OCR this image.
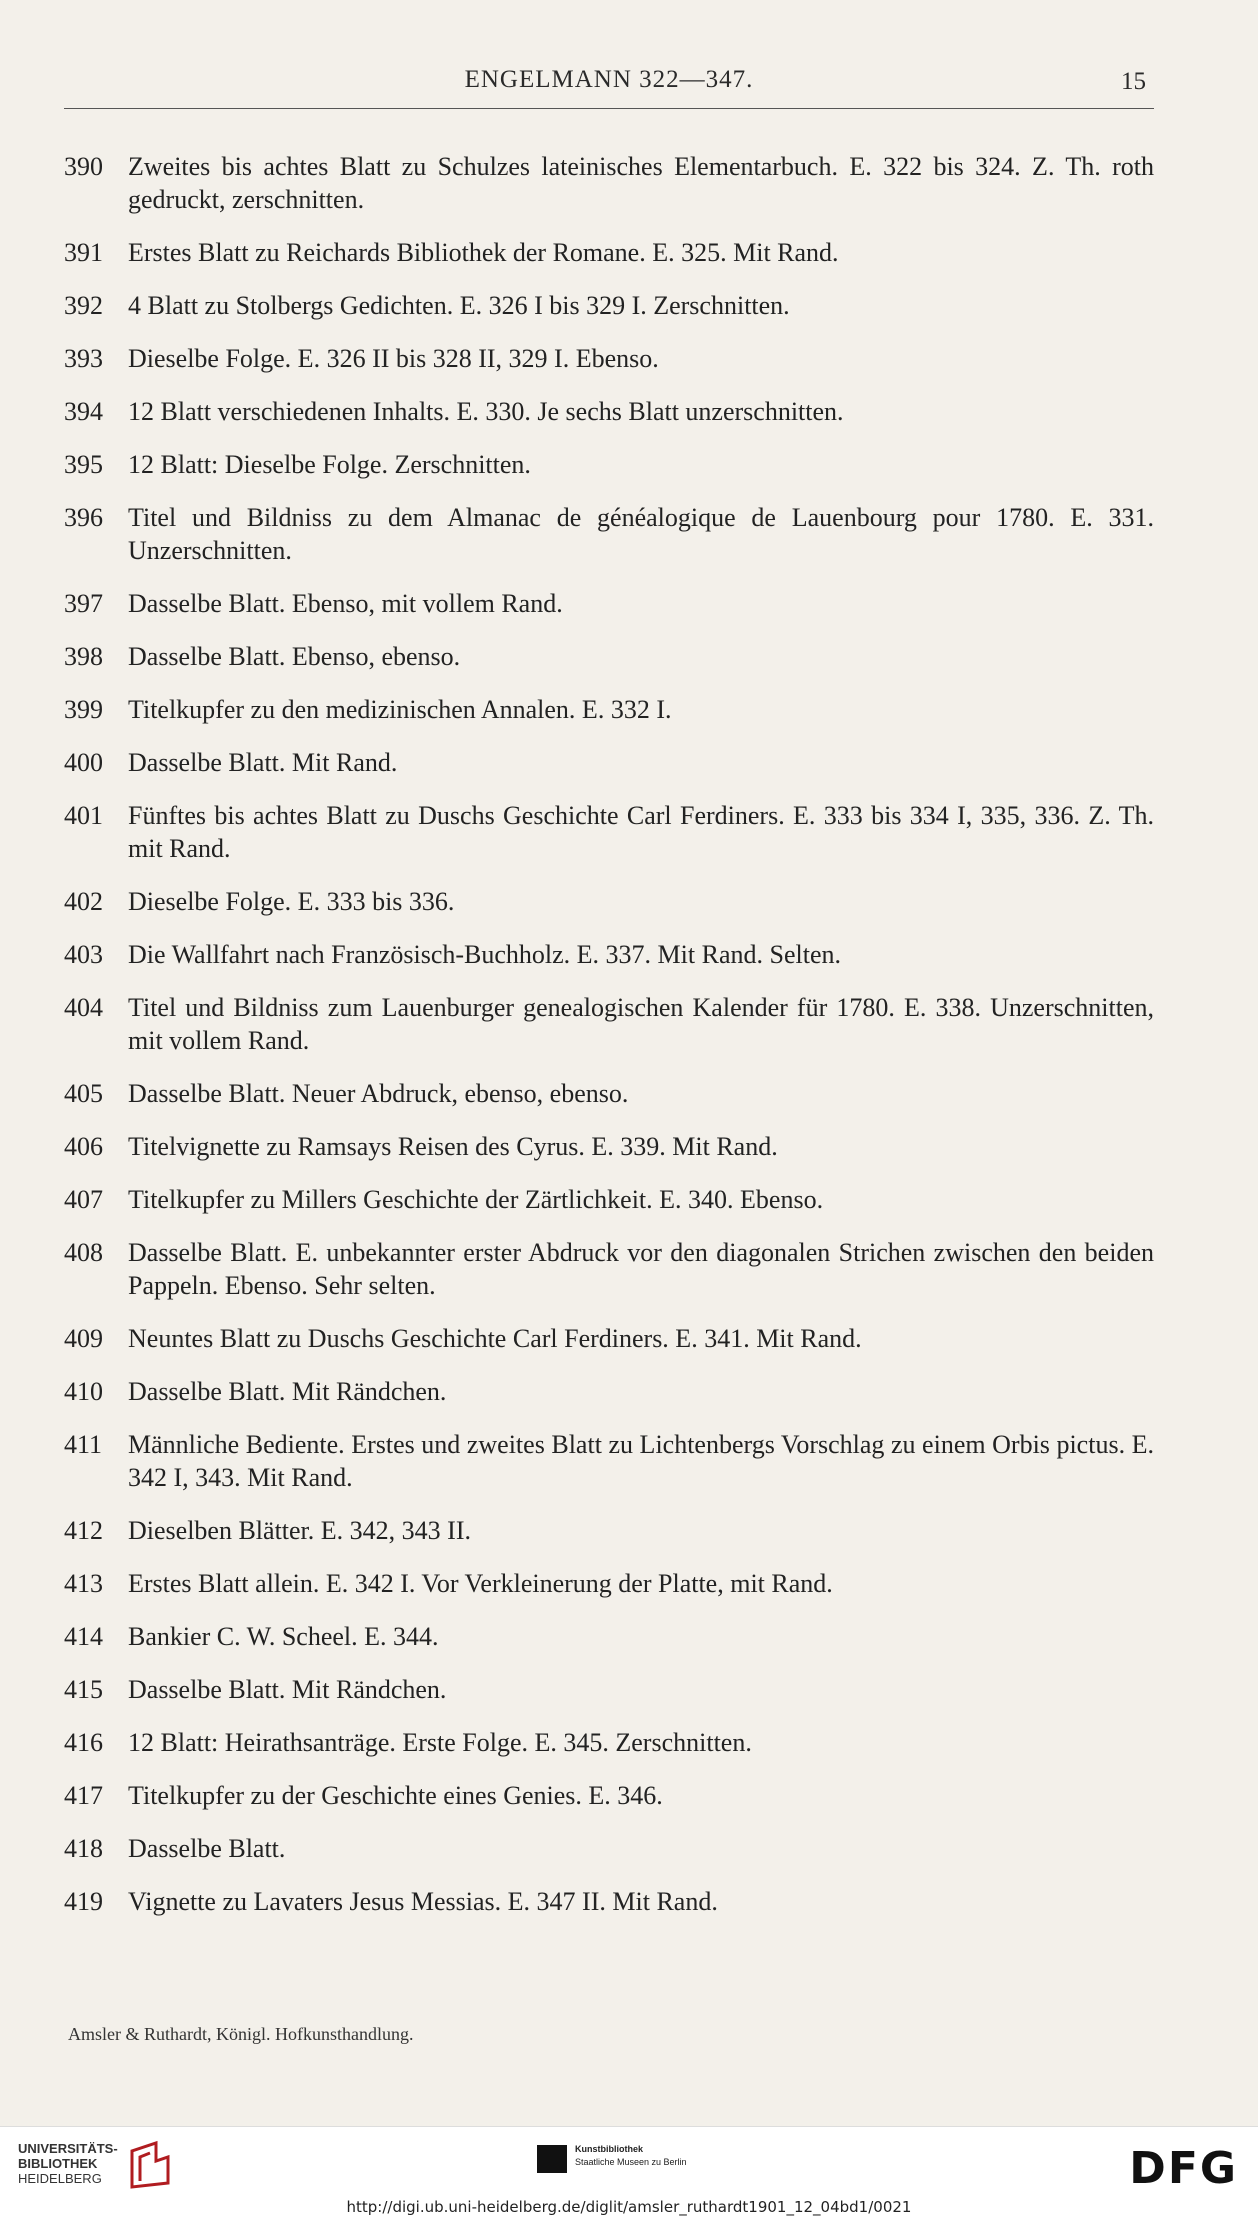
ENGELMANN 322—347.	15
390 Zweites bis achtes Blatt zu Schulzes lateinisches Elementarbuch. E. 322 bis 324. Z. Th. roth gedruckt, zerschnitten.
391 Erstes Blatt zu Reichards Bibliothek der Romane. E. 325. Mit Rand.
392 4 Blatt zu Stolbergs Gedichten. E. 326 I bis 329 I. Zerschnitten.
393 Dieselbe Folge. E. 326 II bis 328 II, 329 I. Ebenso.
394 12 Blatt verschiedenen Inhalts. E. 330. Je sechs Blatt unzerschnitten.
395 12 Blatt: Dieselbe Folge. Zerschnitten.
396 Titel und Bildniss zu dem Almanac de généalogique de Lauenbourg pour 1780. E. 331. Unzerschnitten.
397 Dasselbe Blatt. Ebenso, mit vollem Rand.
398 Dasselbe Blatt. Ebenso, ebenso.
399 Titelkupfer zu den medizinischen Annalen. E. 332 I.
400 Dasselbe Blatt. Mit Rand.
401 Fünftes bis achtes Blatt zu Duschs Geschichte Carl Ferdiners. E. 333 bis 334 I, 335, 336. Z. Th. mit Rand.
402 Dieselbe Folge. E. 333 bis 336.
403 Die Wallfahrt nach Französisch-Buchholz. E. 337. Mit Rand. Selten.
404 Titel und Bildniss zum Lauenburger genealogischen Kalender für 1780. E. 338. Unzerschnitten, mit vollem Rand.
405 Dasselbe Blatt. Neuer Abdruck, ebenso, ebenso.
406 Titelvignette zu Ramsays Reisen des Cyrus. E. 339. Mit Rand.
407 Titelkupfer zu Millers Geschichte der Zärtlichkeit. E. 340. Ebenso.
408 Dasselbe Blatt. E. unbekannter erster Abdruck vor den diagonalen Strichen zwischen den beiden Pappeln. Ebenso. Sehr selten.
409 Neuntes Blatt zu Duschs Geschichte Carl Ferdiners. E. 341. Mit Rand.
410 Dasselbe Blatt. Mit Rändchen.
411 Männliche Bediente. Erstes und zweites Blatt zu Lichtenbergs Vorschlag zu einem Orbis pictus. E. 342 I, 343. Mit Rand.
412 Dieselben Blätter. E. 342, 343 II.
413 Erstes Blatt allein. E. 342 I. Vor Verkleinerung der Platte, mit Rand.
414 Bankier C. W. Scheel. E. 344.
415 Dasselbe Blatt. Mit Rändchen.
416 12 Blatt: Heirathsanträge. Erste Folge. E. 345. Zerschnitten.
417 Titelkupfer zu der Geschichte eines Genies. E. 346.
418 Dasselbe Blatt.
419 Vignette zu Lavaters Jesus Messias. E. 347 II. Mit Rand.
Amsler & Ruthardt, Königl. Hofkunsthandlung.
UNIVERSITÄTS-
BIBLIOTHEK
HEIDELBERG
Kunstbibliothek
Staatliche Museen zu Berlin	DFG
http://digi.ub.uni-heidelberg.de/diglit/amsler_ruthardt1901_12_04bd1/0021
